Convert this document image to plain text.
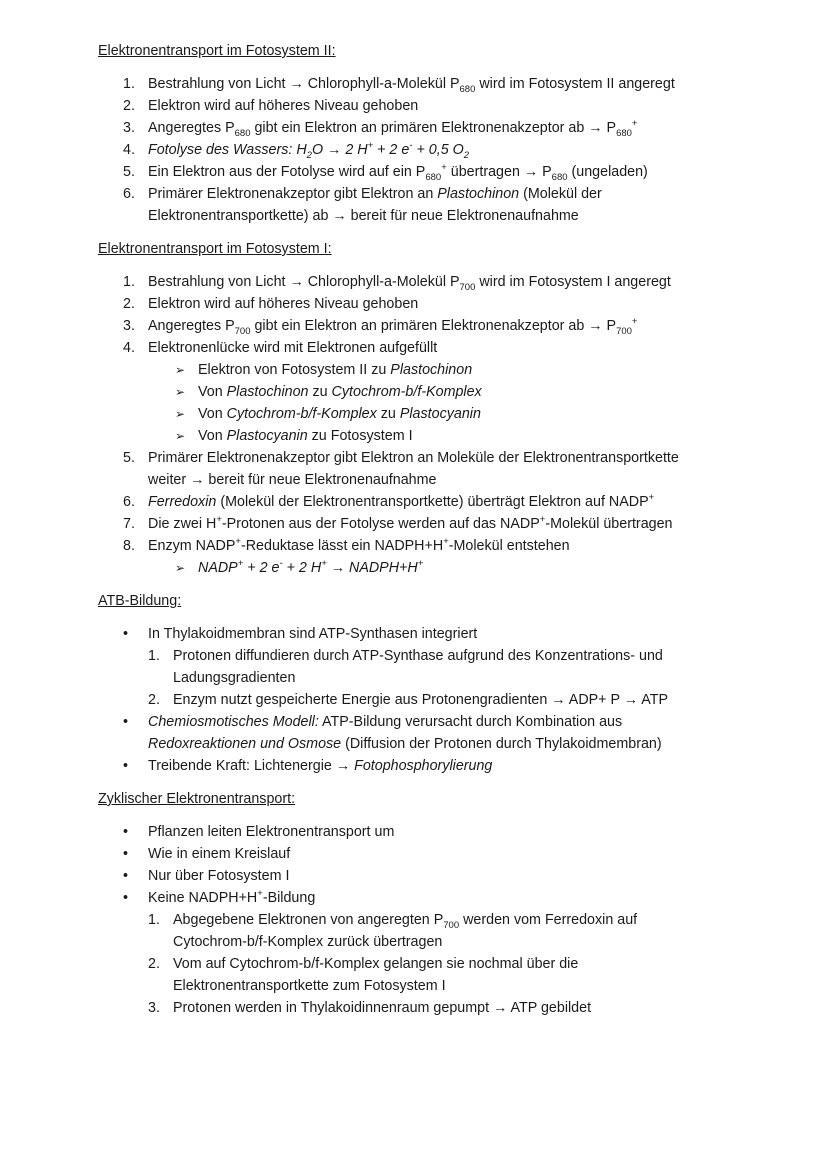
Elektronentransport im Fotosystem II:

1. Bestrahlung von Licht → Chlorophyll-a-Molekül $P_{680}$ wird im Fotosystem II angeregt
2. Elektron wird auf höheres Niveau gehoben
3. Angeregtes $P_{680}$ gibt ein Elektron an primären Elektronenakzeptor ab → $P_{680}^+$
4. Fotolyse des Wassers: $H_2O \to 2$ H+ + 2 e- + 0,5 $O_2$
5. Ein Elektron aus der Fotolyse wird auf ein $P_{680}^+$ übertragen → $P_{680}$ (ungeladen)
6. Primärer Elektronenakzeptor gibt Elektron an Plastochinon (Molekül der
Elektronentransportkette) ab → bereit für neue Elektronenaufnahme

Elektronentransport im Fotosystem I:

1. Bestrahlung von Licht → Chlorophyll-a-Molekül $P_{700}$ wird im Fotosystem I angeregt
2. Elektron wird auf höheres Niveau gehoben
3. Angeregtes $P_{700}$ gibt ein Elektron an primären Elektronenakzeptor ab → $P_{700}^+$
4. Elektronenlücke wird mit Elektronen aufgefüllt
➢ Elektron von Fotosystem II zu Plastochinon
➢ Von Plastochinon zu Cytochrom-b/f-Komplex
➢ Von Cytochrom-b/f-Komplex zu Plastocyanin
➢ Von Plastocyanin zu Fotosystem I
5. Primärer Elektronenakzeptor gibt Elektron an Moleküle der Elektronentransportkette
weiter → bereit für neue Elektronenaufnahme
6. Ferredoxin (Molekül der Elektronentransportkette) überträgt Elektron auf NADP+
7. Die zwei H+-Protonen aus der Fotolyse werden auf das NADP+-Molekül übertragen
8. Enzym NADP+-Reduktase lässt ein NADPH+H+-Molekül entstehen
➢ NADP+ + 2 e- + 2 H+ → NADPH+H+

ATB-Bildung:

• In Thylakoidmembran sind ATP-Synthasen integriert
1. Protonen diffundieren durch ATP-Synthase aufgrund des Konzentrations- und
Ladungsgradienten
2. Enzym nutzt gespeicherte Energie aus Protonengradienten → ADP+ P → ATP
• Chemiosmotisches Modell: ATP-Bildung verursacht durch Kombination aus
Redoxreaktionen und Osmose (Diffusion der Protonen durch Thylakoidmembran)
• Treibende Kraft: Lichtenergie → Fotophosphorylierung

Zyklischer Elektronentransport:

• Pflanzen leiten Elektronentransport um
• Wie in einem Kreislauf
• Nur über Fotosystem I
• Keine NADPH+H+-Bildung
1. Abgegebene Elektronen von angeregten $P_{700}$ werden vom Ferredoxin auf
Cytochrom-b/f-Komplex zurück übertragen
2. Vom auf Cytochrom-b/f-Komplex gelangen sie nochmal über die
Elektronentransportkette zum Fotosystem I
3. Protonen werden in Thylakoidinnenraum gepumpt → ATP gebildet
